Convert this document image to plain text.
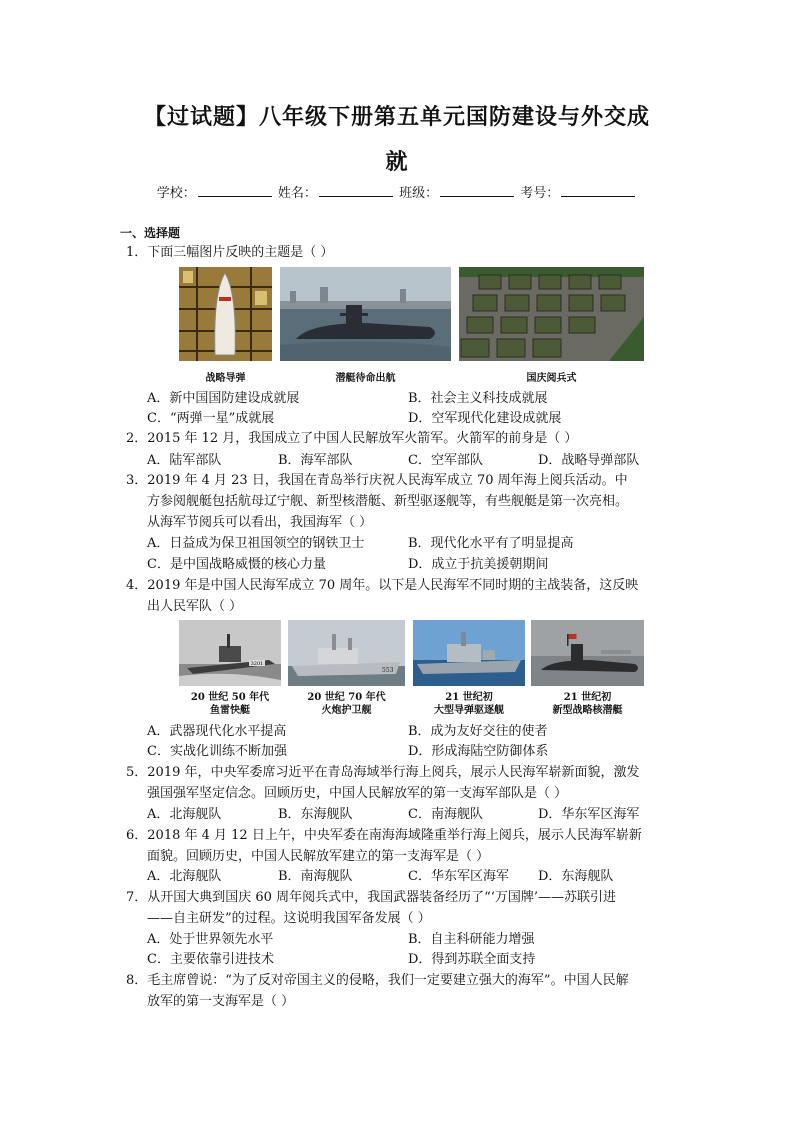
【过试题】八年级下册第五单元国防建设与外交成
就
学校：	姓名：	班级：	考号：
一、选择题
1．下面三幅图片反映的主题是（ ）
战略导弹	潜艇待命出航	国庆阅兵式
A．新中国国防建设成就展	B．社会主义科技成就展
C．“两弹一星”成就展	D．空军现代化建设成就展
2．2015 年 12 月，我国成立了中国人民解放军火箭军。火箭军的前身是（ ）
A．陆军部队	B．海军部队	C．空军部队	D．战略导弹部队
3．2019 年 4 月 23 日，我国在青岛举行庆祝人民海军成立 70 周年海上阅兵活动。中
方参阅舰艇包括航母辽宁舰、新型核潜艇、新型驱逐舰等，有些舰艇是第一次亮相。
从海军节阅兵可以看出，我国海军（ ）
A．日益成为保卫祖国领空的钢铁卫士	B．现代化水平有了明显提高
C．是中国战略威慑的核心力量	D．成立于抗美援朝期间
4．2019 年是中国人民海军成立 70 周年。以下是人民海军不同时期的主战装备，这反映
出人民军队（ ）
3201
20 世纪 50 年代
鱼雷快艇
553
20 世纪 70 年代
火炮护卫舰
21 世纪初
大型导弹驱逐舰
21 世纪初
新型战略核潜艇
A．武器现代化水平提高	B．成为友好交往的使者
C．实战化训练不断加强	D．形成海陆空防御体系
5．2019 年，中央军委席习近平在青岛海域举行海上阅兵，展示人民海军崭新面貌，激发
强国强军坚定信念。回顾历史，中国人民解放军的第一支海军部队是（ ）
A．北海舰队	B．东海舰队	C．南海舰队	D．华东军区海军
6．2018 年 4 月 12 日上午，中央军委在南海海域隆重举行海上阅兵，展示人民海军崭新
面貌。回顾历史，中国人民解放军建立的第一支海军是（ ）
A．北海舰队	B．南海舰队	C．华东军区海军 D．东海舰队
7．从开国大典到国庆 60 周年阅兵式中，我国武器装备经历了“‘万国牌’——苏联引进
——自主研发”的过程。这说明我国军备发展（ ）
A．处于世界领先水平	B．自主科研能力增强
C．主要依靠引进技术	D．得到苏联全面支持
8．毛主席曾说：“为了反对帝国主义的侵略，我们一定要建立强大的海军”。中国人民解
放军的第一支海军是（ ）
